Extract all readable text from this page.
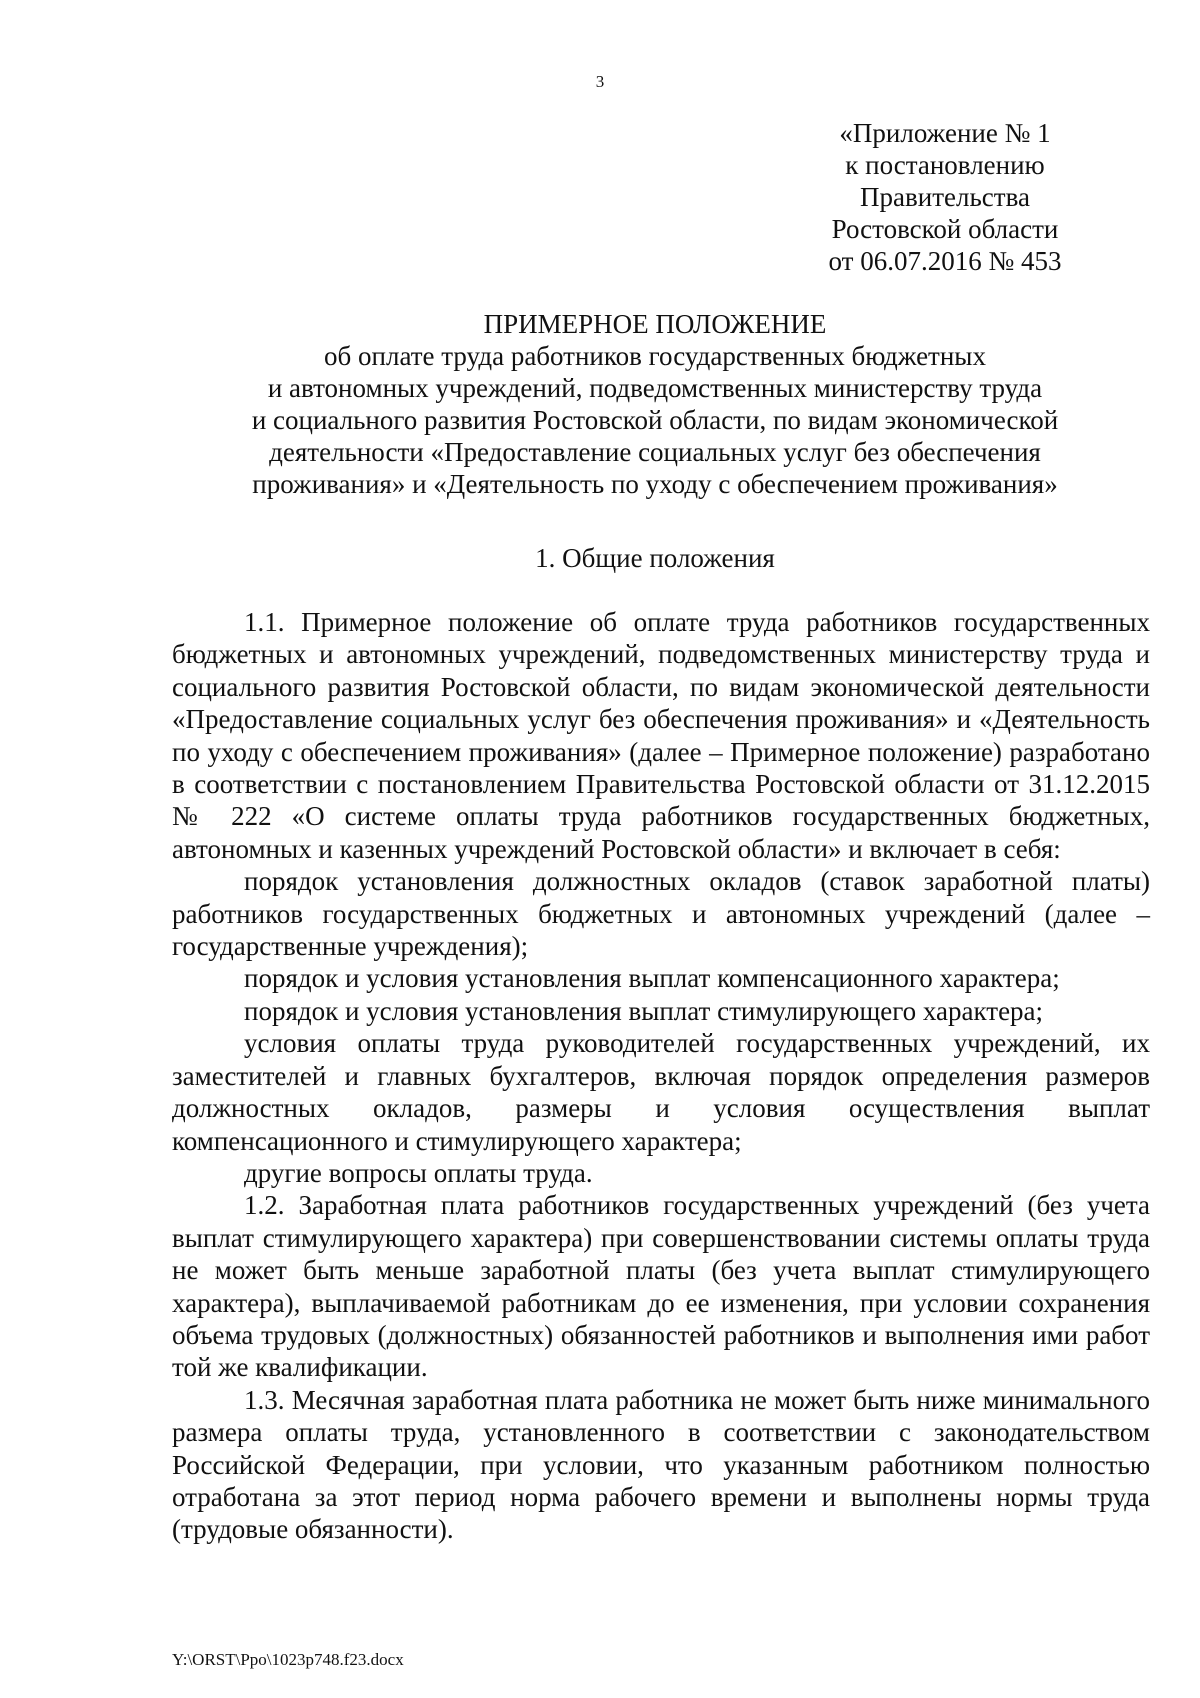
3
«Приложение № 1
к постановлению
Правительства
Ростовской области
от 06.07.2016 № 453
ПРИМЕРНОЕ ПОЛОЖЕНИЕ
об оплате труда работников государственных бюджетных
и автономных учреждений, подведомственных министерству труда
и социального развития Ростовской области, по видам экономической
деятельности «Предоставление социальных услуг без обеспечения
проживания» и «Деятельность по уходу с обеспечением проживания»
1. Общие положения

1.1. Примерное положение об оплате труда работников государственных бюджетных и автономных учреждений, подведомственных министерству труда и социального развития Ростовской области, по видам экономической деятельности «Предоставление социальных услуг без обеспечения проживания» и «Деятельность по уходу с обеспечением проживания» (далее – Примерное положение) разработано в соответствии с постановлением Правительства Ростовской области от 31.12.2015 № 222 «О системе оплаты труда работников государственных бюджетных, автономных и казенных учреждений Ростовской области» и включает в себя:

порядок установления должностных окладов (ставок заработной платы) работников государственных бюджетных и автономных учреждений (далее – государственные учреждения);

порядок и условия установления выплат компенсационного характера;

порядок и условия установления выплат стимулирующего характера;

условия оплаты труда руководителей государственных учреждений, их заместителей и главных бухгалтеров, включая порядок определения размеров должностных окладов, размеры и условия осуществления выплат компенсационного и стимулирующего характера;

другие вопросы оплаты труда.

1.2. Заработная плата работников государственных учреждений (без учета выплат стимулирующего характера) при совершенствовании системы оплаты труда не может быть меньше заработной платы (без учета выплат стимулирующего характера), выплачиваемой работникам до ее изменения, при условии сохранения объема трудовых (должностных) обязанностей работников и выполнения ими работ той же квалификации.

1.3. Месячная заработная плата работника не может быть ниже минимального размера оплаты труда, установленного в соответствии с законодательством Российской Федерации, при условии, что указанным работником полностью отработана за этот период норма рабочего времени и выполнены нормы труда (трудовые обязанности).

Y:\ORST\Ppo\1023p748.f23.docx
